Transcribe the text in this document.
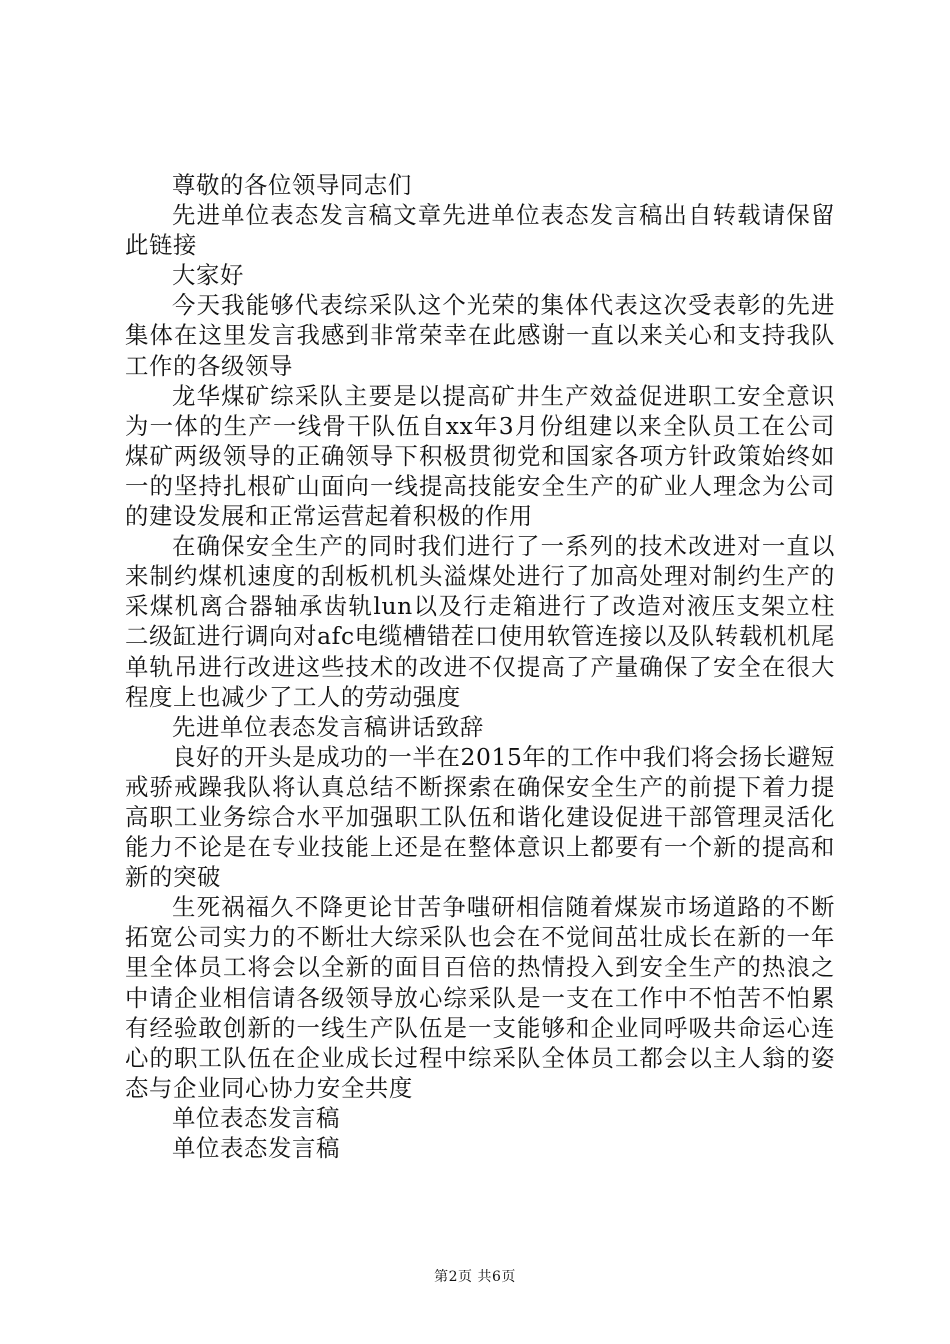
尊敬的各位领导同志们

先进单位表态发言稿文章先进单位表态发言稿出自转载请保留此链接

大家好

今天我能够代表综采队这个光荣的集体代表这次受表彰的先进集体在这里发言我感到非常荣幸在此感谢一直以来关心和支持我队工作的各级领导

龙华煤矿综采队主要是以提高矿井生产效益促进职工安全意识为一体的生产一线骨干队伍自xx年3月份组建以来全队员工在公司煤矿两级领导的正确领导下积极贯彻党和国家各项方针政策始终如一的坚持扎根矿山面向一线提高技能安全生产的矿业人理念为公司的建设发展和正常运营起着积极的作用

在确保安全生产的同时我们进行了一系列的技术改进对一直以来制约煤机速度的刮板机机头溢煤处进行了加高处理对制约生产的采煤机离合器轴承齿轨lun以及行走箱进行了改造对液压支架立柱二级缸进行调向对afc电缆槽错茬口使用软管连接以及队转载机机尾单轨吊进行改进这些技术的改进不仅提高了产量确保了安全在很大程度上也减少了工人的劳动强度

先进单位表态发言稿讲话致辞

良好的开头是成功的一半在2015年的工作中我们将会扬长避短戒骄戒躁我队将认真总结不断探索在确保安全生产的前提下着力提高职工业务综合水平加强职工队伍和谐化建设促进干部管理灵活化能力不论是在专业技能上还是在整体意识上都要有一个新的提高和新的突破

生死祸福久不降更论甘苦争嗤研相信随着煤炭市场道路的不断拓宽公司实力的不断壮大综采队也会在不觉间茁壮成长在新的一年里全体员工将会以全新的面目百倍的热情投入到安全生产的热浪之中请企业相信请各级领导放心综采队是一支在工作中不怕苦不怕累有经验敢创新的一线生产队伍是一支能够和企业同呼吸共命运心连心的职工队伍在企业成长过程中综采队全体员工都会以主人翁的姿态与企业同心协力安全共度

单位表态发言稿

单位表态发言稿

第2页 共6页
